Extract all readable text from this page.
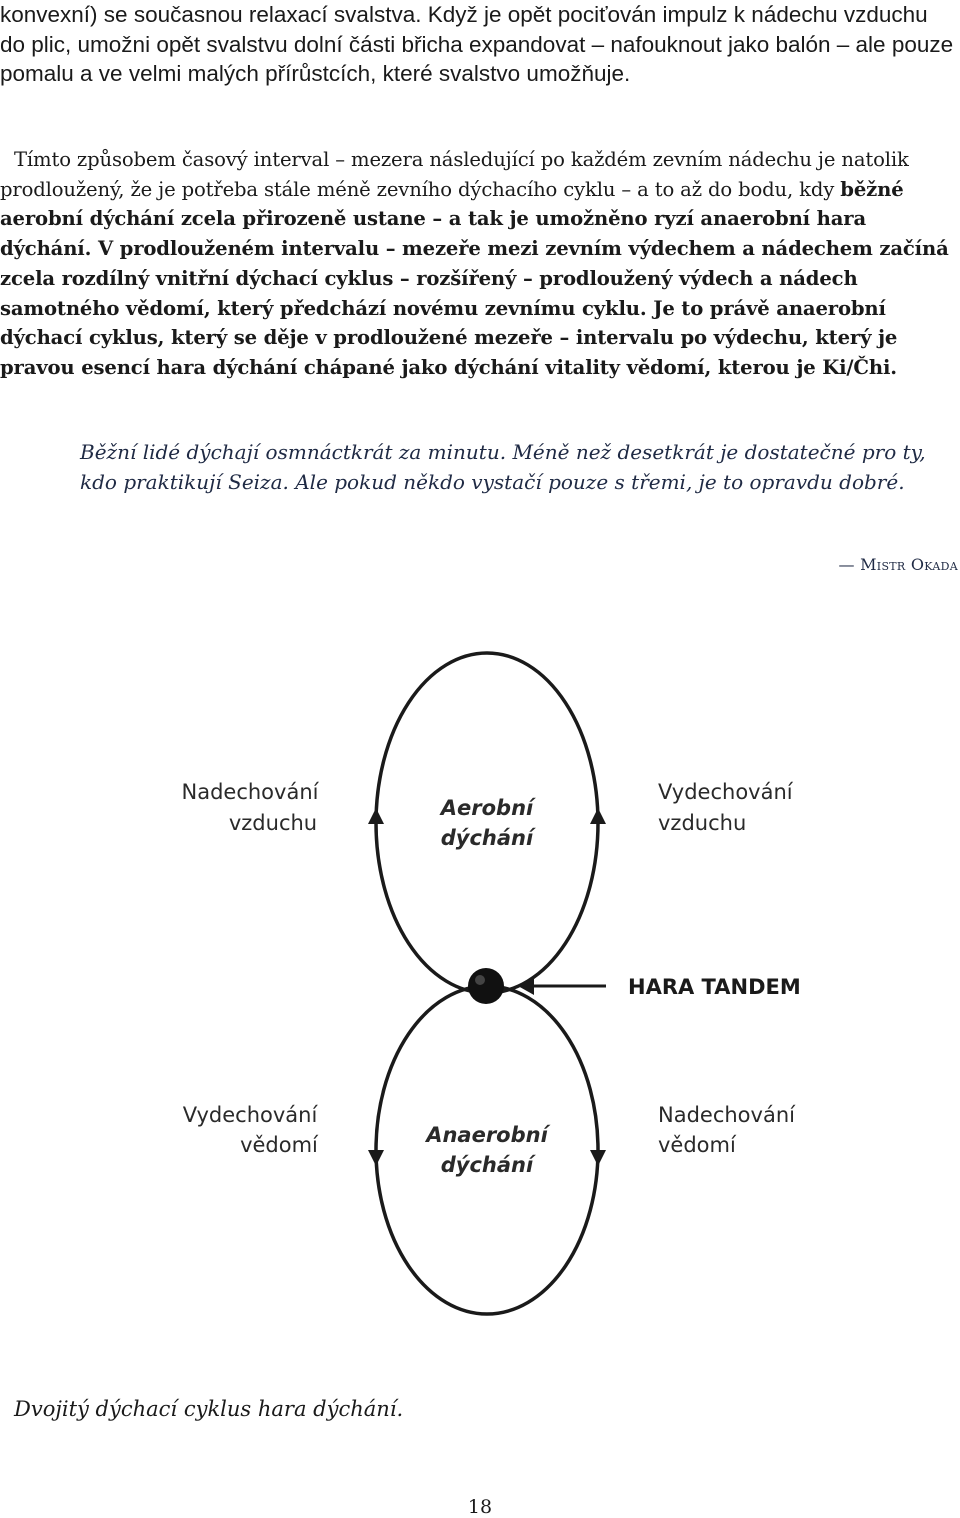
konvexní) se současnou relaxací svalstva. Když je opět pociťován impulz k nádechu vzduchu do plic, umožni opět svalstvu dolní části břicha expandovat – nafouknout jako balón – ale pouze pomalu a ve velmi malých přírůstcích, které svalstvo umožňuje.

Tímto způsobem časový interval – mezera následující po každém zevním nádechu je natolik prodloužený, že je potřeba stále méně zevního dýchacího cyklu – a to až do bodu, kdy běžné aerobní dýchání zcela přirozeně ustane – a tak je umožněno ryzí anaerobní hara dýchání. V prodlouženém intervalu – mezeře mezi zevním výdechem a nádechem začíná zcela rozdílný vnitřní dýchací cyklus – rozšířený – prodloužený výdech a nádech samotného vědomí, který předchází novému zevnímu cyklu. Je to právě anaerobní dýchací cyklus, který se děje v prodloužené mezeře – intervalu po výdechu, který je pravou esencí hara dýchání chápané jako dýchání vitality vědomí, kterou je Ki/Čhi.

Běžní lidé dýchají osmnáctkrát za minutu. Méně než desetkrát je dostatečné pro ty, kdo praktikují Seiza. Ale pokud někdo vystačí pouze s třemi, je to opravdu dobré.

— Mistr Okada
Nadechování
vzduchu
Aerobní
dýchání
Vydechování
vzduchu
HARA TANDEM
Vydechování
vědomí	Anaerobní
dýchání
Nadechování
vědomí
Dvojitý dýchací cyklus hara dýchání.
18
